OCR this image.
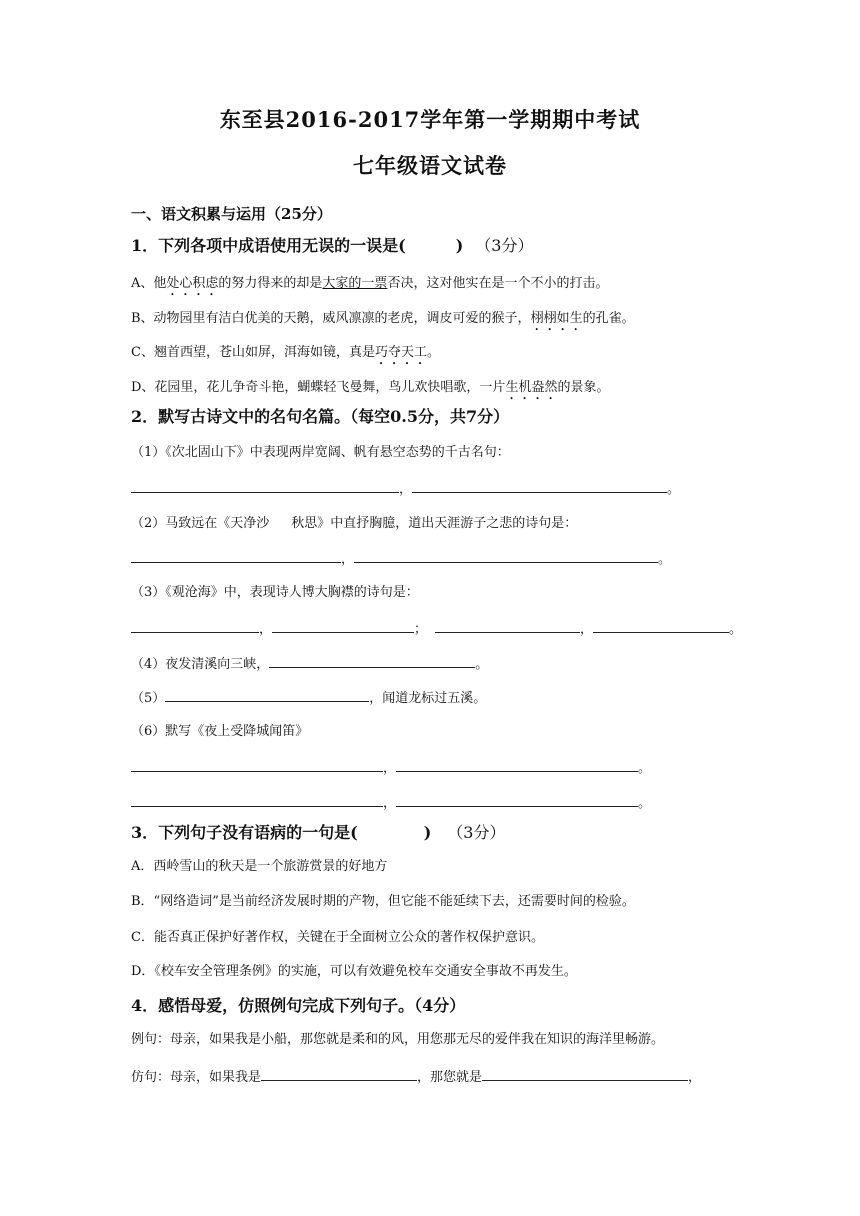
东至县2016-2017学年第一学期期中考试
七年级语文试卷
一、语文积累与运用（25分）
1．下列各项中成语使用无误的一误是(	) （3分）
A、他处心积虑的努力得来的却是大家的一票否决，这对他实在是一个不小的打击。
B、动物园里有洁白优美的天鹅，威风凛凛的老虎，调皮可爱的猴子，栩栩如生的孔雀。
C、翘首西望，苍山如屏，洱海如镜，真是巧夺天工。
D、花园里，花儿争奇斗艳，蝴蝶轻飞曼舞，鸟儿欢快唱歌，一片生机盎然的景象。
2．默写古诗文中的名句名篇。（每空0.5分，共7分）
（1）《次北固山下》中表现两岸宽阔、帆有悬空态势的千古名句：
，	。
（2）马致远在《天净沙 秋思》中直抒胸臆，道出天涯游子之悲的诗句是：
，	。
（3）《观沧海》中，表现诗人博大胸襟的诗句是：
，	；	，	。
（4）夜发清溪向三峡，	。
（5）	，闻道龙标过五溪。
（6）默写《夜上受降城闻笛》
，	。
，	。
3．下列句子没有语病的一句是(	) （3分）
A．西岭雪山的秋天是一个旅游赏景的好地方
B．“网络造词”是当前经济发展时期的产物，但它能不能延续下去，还需要时间的检验。
C．能否真正保护好著作权，关键在于全面树立公众的著作权保护意识。
D．《校车安全管理条例》的实施，可以有效避免校车交通安全事故不再发生。
4．感悟母爱，仿照例句完成下列句子。（4分）
例句：母亲，如果我是小船，那您就是柔和的风，用您那无尽的爱伴我在知识的海洋里畅游。
仿句：母亲，如果我是	，那您就是	，
